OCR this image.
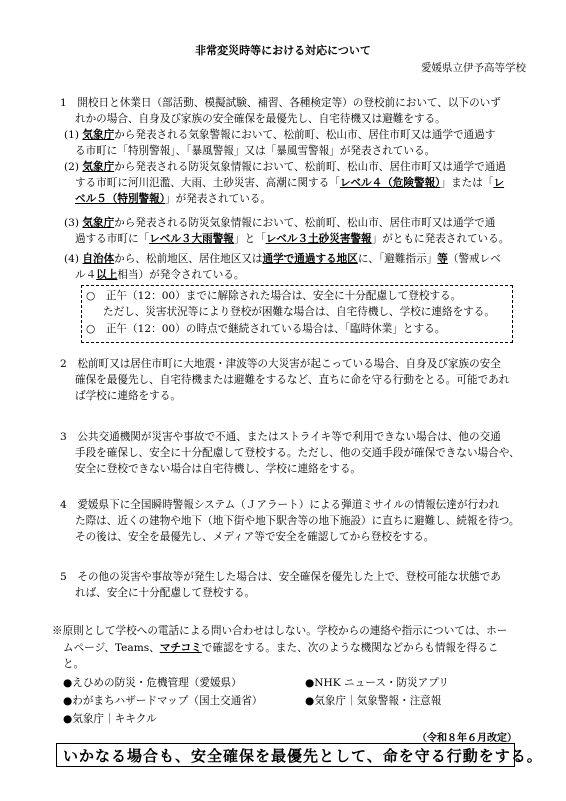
非常変災時等における対応について
愛媛県立伊予高等学校
1　開校日と休業日（部活動、模擬試験、補習、各種検定等）の登校前において、以下のいず
れかの場合、自身及び家族の安全確保を最優先し、自宅待機又は避難をする。
(1) 気象庁から発表される気象警報において、松前町、松山市、居住市町又は通学で通過す
る市町に「特別警報」、「暴風警報」又は「暴風雪警報」が発表されている。
(2) 気象庁から発表される防災気象情報において、松前町、松山市、居住市町又は通学で通過
する市町に河川氾濫、大雨、土砂災害、高潮に関する「レベル４（危険警報）」または「レ
ベル５（特別警報）」が発表されている。
(3) 気象庁から発表される防災気象情報において、松前町、松山市、居住市町又は通学で通
過する市町に「レベル３大雨警報」と「レベル３土砂災害警報」がともに発表されている。
(4) 自治体から、松前地区、居住地区又は通学で通過する地区に、「避難指示」等（警戒レベ
ル４以上相当）が発令されている。
○　正午（12：00）までに解除された場合は、安全に十分配慮して登校する。
ただし、災害状況等により登校が困難な場合は、自宅待機し、学校に連絡をする。
○　正午（12：00）の時点で継続されている場合は、「臨時休業」とする。
2　松前町又は居住市町に大地震・津波等の大災害が起こっている場合、自身及び家族の安全
確保を最優先し、自宅待機または避難をするなど、直ちに命を守る行動をとる。可能であれ
ば学校に連絡をする。
3　公共交通機関が災害や事故で不通、またはストライキ等で利用できない場合は、他の交通
手段を確保し、安全に十分配慮して登校する。ただし、他の交通手段が確保できない場合や、
安全に登校できない場合は自宅待機し、学校に連絡をする。
4　愛媛県下に全国瞬時警報システム（Ｊアラート）による弾道ミサイルの情報伝達が行われ
た際は、近くの建物や地下（地下街や地下駅舎等の地下施設）に直ちに避難し、続報を待つ。
その後は、安全を最優先し、メディア等で安全を確認してから登校をする。
5　その他の災害や事故等が発生した場合は、安全確保を優先した上で、登校可能な状態であ
れば、安全に十分配慮して登校する。
※原則として学校への電話による問い合わせはしない。学校からの連絡や指示については、ホー
ムページ、Teams、マチコミで確認をする。また、次のような機関などからも情報を得るこ
と。
●えひめの防災・危機管理（愛媛県）	●NHK ニュース・防災アプリ
●わがまちハザードマップ（国土交通省）	●気象庁｜気象警報・注意報
●気象庁｜キキクル
（令和８年６月改定）
いかなる場合も、安全確保を最優先として、命を守る行動をする。
